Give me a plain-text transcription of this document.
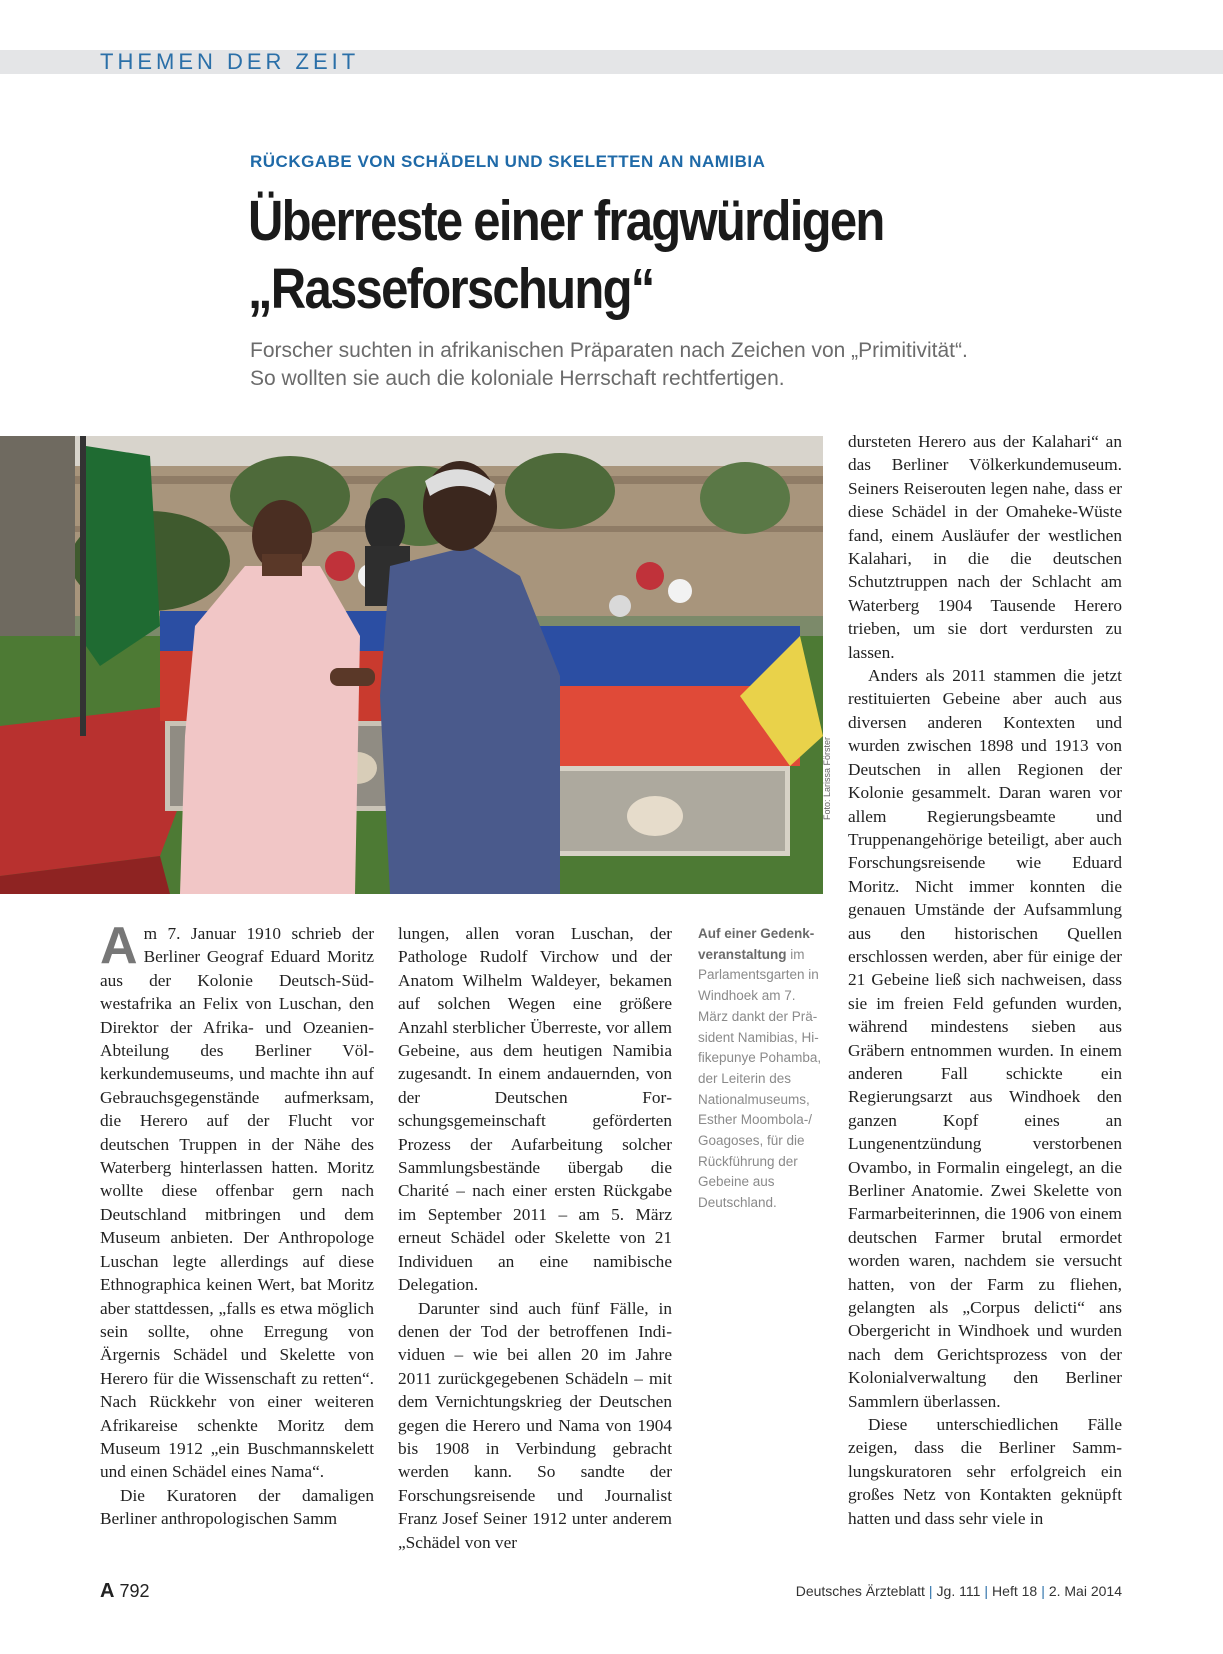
THEMEN DER ZEIT
RÜCKGABE VON SCHÄDELN UND SKELETTEN AN NAMIBIA
Überreste einer fragwürdigen
„Rasseforschung“
Forscher suchten in afrikanischen Präparaten nach Zeichen von „Primitivität“.
So wollten sie auch die koloniale Herrschaft rechtfertigen.
Foto: Larissa Förster

Am 7. Januar 1910 schrieb der Berliner Geograf Eduard Moritz aus der Kolonie Deutsch-Südwestafrika an Felix von Luschan, den Direktor der Afrika- und Ozeanien-Abteilung des Berliner Völkerkundemuseums, und machte ihn auf Gebrauchsgegenstände aufmerksam, die Herero auf der Flucht vor deutschen Truppen in der Nähe des Waterberg hinterlassen hatten. Moritz wollte diese offenbar gern nach Deutschland mitbringen und dem Museum anbieten. Der Anthropologe Luschan legte allerdings auf diese Ethnographica keinen Wert, bat Moritz aber stattdessen, „falls es etwa möglich sein sollte, ohne Erregung von Ärgernis Schädel und Skelette von Herero für die Wissenschaft zu retten“. Nach Rückkehr von einer weiteren Afrikareise schenkte Moritz dem Museum 1912 „ein Buschmannskelett und einen Schädel eines Nama“.

Die Kuratoren der damaligen Berliner anthropologischen Samm

lungen, allen voran Luschan, der Pathologe Rudolf Virchow und der Anatom Wilhelm Waldeyer, bekamen auf solchen Wegen eine größere Anzahl sterblicher Überreste, vor allem Gebeine, aus dem heutigen Namibia zugesandt. In einem andauernden, von der Deutschen Forschungsgemeinschaft geförderten Prozess der Aufarbeitung solcher Sammlungsbestände übergab die Charité – nach einer ersten Rückgabe im September 2011 – am 5. März erneut Schädel oder Skelette von 21 Individuen an eine namibische Delegation.

Darunter sind auch fünf Fälle, in denen der Tod der betroffenen Individuen – wie bei allen 20 im Jahre 2011 zurückgegebenen Schädeln – mit dem Vernichtungskrieg der Deutschen gegen die Herero und Nama von 1904 bis 1908 in Verbindung gebracht werden kann. So sandte der Forschungsreisende und Journalist Franz Josef Seiner 1912 unter anderem „Schädel von ver

Auf einer Gedenkveranstaltung im Parlamentsgarten in Windhoek am 7. März dankt der Präsident Namibias, Hifikepunye Pohamba, der Leiterin des Nationalmuseums, Esther Moombola-/ Goagoses, für die Rückführung der Gebeine aus Deutschland.

dursteten Herero aus der Kalahari“ an das Berliner Völkerkundemuseum. Seiners Reiserouten legen nahe, dass er diese Schädel in der Omaheke-Wüste fand, einem Ausläufer der westlichen Kalahari, in die die deutschen Schutztruppen nach der Schlacht am Waterberg 1904 Tausende Herero trieben, um sie dort verdursten zu lassen.

Anders als 2011 stammen die jetzt restituierten Gebeine aber auch aus diversen anderen Kontexten und wurden zwischen 1898 und 1913 von Deutschen in allen Regionen der Kolonie gesammelt. Daran waren vor allem Regierungsbeamte und Truppenangehörige beteiligt, aber auch Forschungsreisende wie Eduard Moritz. Nicht immer konnten die genauen Umstände der Aufsammlung aus den historischen Quellen erschlossen werden, aber für einige der 21 Gebeine ließ sich nachweisen, dass sie im freien Feld gefunden wurden, während mindestens sieben aus Gräbern entnommen wurden. In einem anderen Fall schickte ein Regierungsarzt aus Windhoek den ganzen Kopf eines an Lungenentzündung verstorbenen Ovambo, in Formalin eingelegt, an die Berliner Anatomie. Zwei Skelette von Farmarbeiterinnen, die 1906 von einem deutschen Farmer brutal ermordet worden waren, nachdem sie versucht hatten, von der Farm zu fliehen, gelangten als „Corpus delicti“ ans Obergericht in Windhoek und wurden nach dem Gerichtsprozess von der Kolonialverwaltung den Berliner Sammlern überlassen.

Diese unterschiedlichen Fälle zeigen, dass die Berliner Sammlungskuratoren sehr erfolgreich ein großes Netz von Kontakten geknüpft hatten und dass sehr viele in

A 792	Deutsches Ärzteblatt | Jg. 111 | Heft 18 | 2. Mai 2014
